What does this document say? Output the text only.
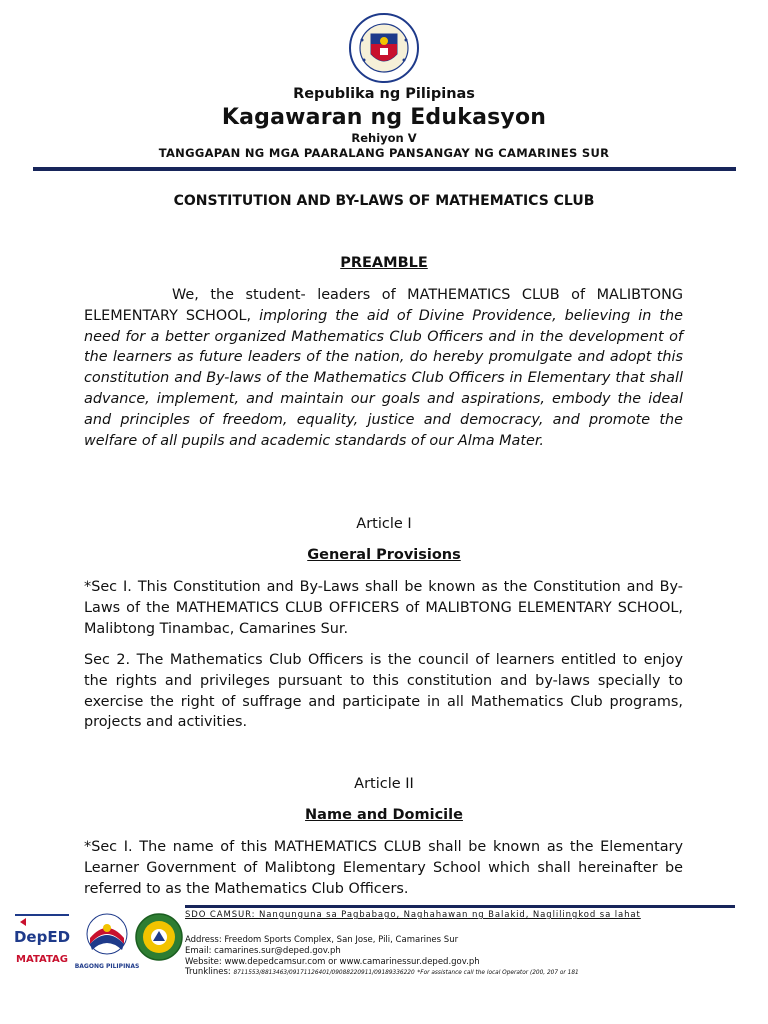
Republika ng Pilipinas
Kagawaran ng Edukasyon
Rehiyon V
TANGGAPAN NG MGA PAARALANG PANSANGAY NG CAMARINES SUR
CONSTITUTION AND BY-LAWS OF MATHEMATICS CLUB
PREAMBLE

We, the student- leaders of MATHEMATICS CLUB of MALIBTONG ELEMENTARY SCHOOL, imploring the aid of Divine Providence, believing in the need for a better organized Mathematics Club Officers and in the development of the learners as future leaders of the nation, do hereby promulgate and adopt this constitution and By-laws of the Mathematics Club Officers in Elementary that shall advance, implement, and maintain our goals and aspirations, embody the ideal and principles of freedom, equality, justice and democracy, and promote the welfare of all pupils and academic standards of our Alma Mater.

Article I
General Provisions

*Sec I. This Constitution and By-Laws shall be known as the Constitution and By-Laws of the MATHEMATICS CLUB OFFICERS of MALIBTONG ELEMENTARY SCHOOL, Malibtong Tinambac, Camarines Sur.

Sec 2. The Mathematics Club Officers is the council of learners entitled to enjoy the rights and privileges pursuant to this constitution and by-laws specially to exercise the right of suffrage and participate in all Mathematics Club programs, projects and activities.

Article II
Name and Domicile

*Sec I. The name of this MATHEMATICS CLUB shall be known as the Elementary Learner Government of Malibtong Elementary School which shall hereinafter be referred to as the Mathematics Club Officers.

DepED
MATATAG
BAGONG PILIPINAS
SDO CAMSUR: Nangunguna sa Pagbabago, Naghahawan ng Balakid, Naglilingkod sa lahat
Address: Freedom Sports Complex, San Jose, Pili, Camarines Sur
Email: camarines.sur@deped.gov.ph
Website: www.depedcamsur.com or www.camarinessur.deped.gov.ph
Trunklines: 8711553/8813463/09171126401/09088220911/09189336220 *For assistance call the local Operator (200, 207 or 181
